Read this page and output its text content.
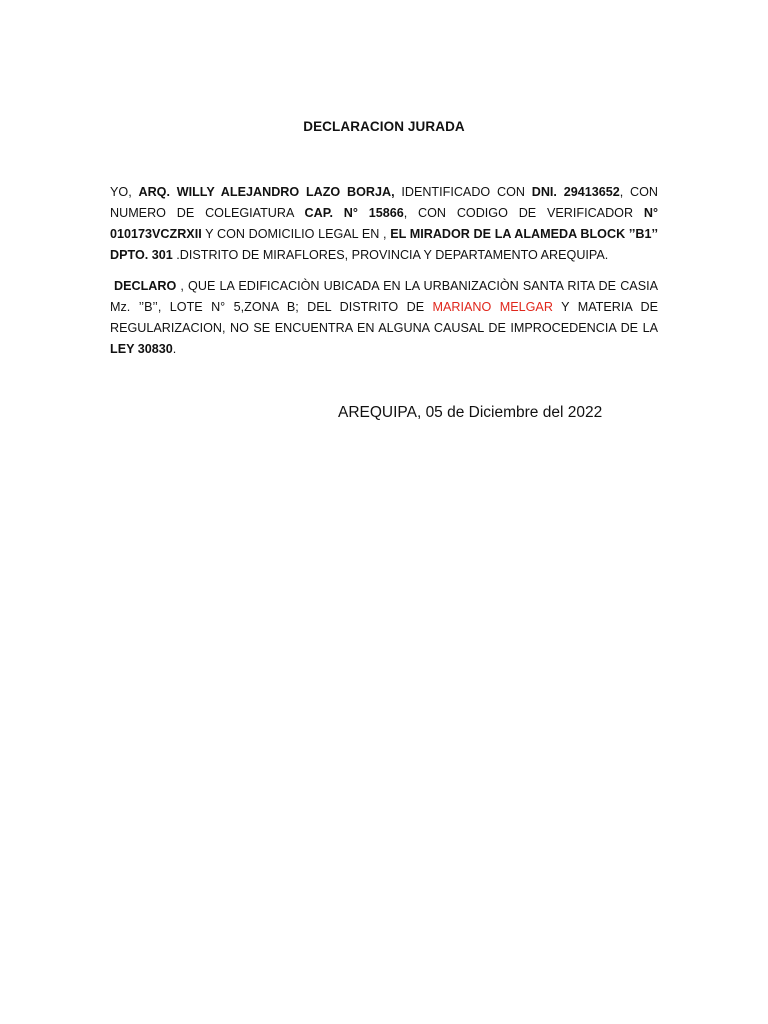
DECLARACION JURADA
YO, ARQ. WILLY ALEJANDRO LAZO BORJA, IDENTIFICADO CON DNI. 29413652, CON NUMERO DE COLEGIATURA CAP. N° 15866, CON CODIGO DE VERIFICADOR N° 010173VCZRXII Y CON DOMICILIO LEGAL EN , EL MIRADOR DE LA ALAMEDA BLOCK ’’B1’’ DPTO. 301 .DISTRITO DE MIRAFLORES, PROVINCIA Y DEPARTAMENTO AREQUIPA.
DECLARO , QUE LA EDIFICACIÒN UBICADA EN LA URBANIZACIÒN SANTA RITA DE CASIA Mz. ’’B’’, LOTE N° 5,ZONA B; DEL DISTRITO DE MARIANO MELGAR Y MATERIA DE REGULARIZACION, NO SE ENCUENTRA EN ALGUNA CAUSAL DE IMPROCEDENCIA DE LA LEY 30830.
AREQUIPA, 05 de Diciembre del 2022
